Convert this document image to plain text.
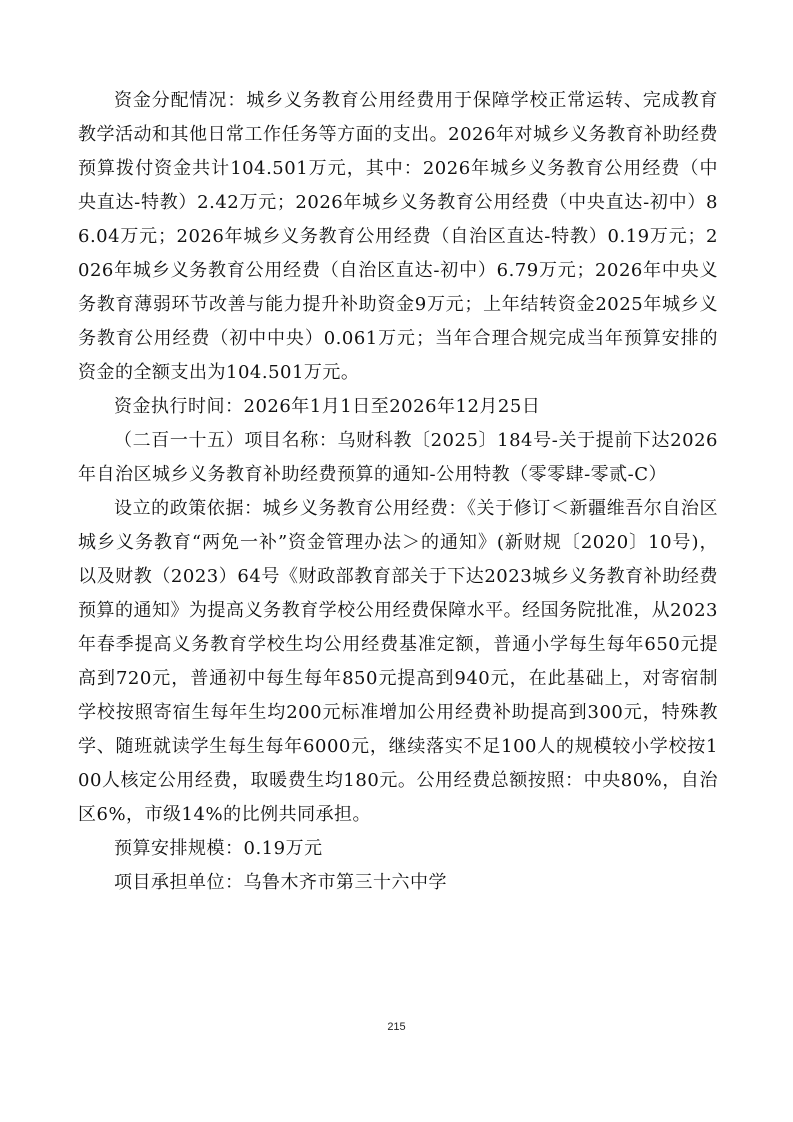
资金分配情况：城乡义务教育公用经费用于保障学校正常运转、完成教育教学活动和其他日常工作任务等方面的支出。2026年对城乡义务教育补助经费预算拨付资金共计104.501万元，其中：2026年城乡义务教育公用经费（中央直达-特教）2.42万元；2026年城乡义务教育公用经费（中央直达-初中）86.04万元；2026年城乡义务教育公用经费（自治区直达-特教）0.19万元；2026年城乡义务教育公用经费（自治区直达-初中）6.79万元；2026年中央义务教育薄弱环节改善与能力提升补助资金9万元；上年结转资金2025年城乡义务教育公用经费（初中中央）0.061万元；当年合理合规完成当年预算安排的资金的全额支出为104.501万元。

资金执行时间：2026年1月1日至2026年12月25日

（二百一十五）项目名称：乌财科教〔2025〕184号-关于提前下达2026年自治区城乡义务教育补助经费预算的通知-公用特教（零零肆-零贰-C）

设立的政策依据：城乡义务教育公用经费：《关于修订＜新疆维吾尔自治区城乡义务教育“两免一补”资金管理办法＞的通知》(新财规〔2020〕10号)，以及财教（2023）64号《财政部教育部关于下达2023城乡义务教育补助经费预算的通知》为提高义务教育学校公用经费保障水平。经国务院批准，从2023年春季提高义务教育学校生均公用经费基准定额，普通小学每生每年650元提高到720元，普通初中每生每年850元提高到940元，在此基础上，对寄宿制学校按照寄宿生每年生均200元标准增加公用经费补助提高到300元，特殊教学、随班就读学生每生每年6000元，继续落实不足100人的规模较小学校按100人核定公用经费，取暖费生均180元。公用经费总额按照：中央80%，自治区6%，市级14%的比例共同承担。

预算安排规模：0.19万元

项目承担单位：乌鲁木齐市第三十六中学

215
